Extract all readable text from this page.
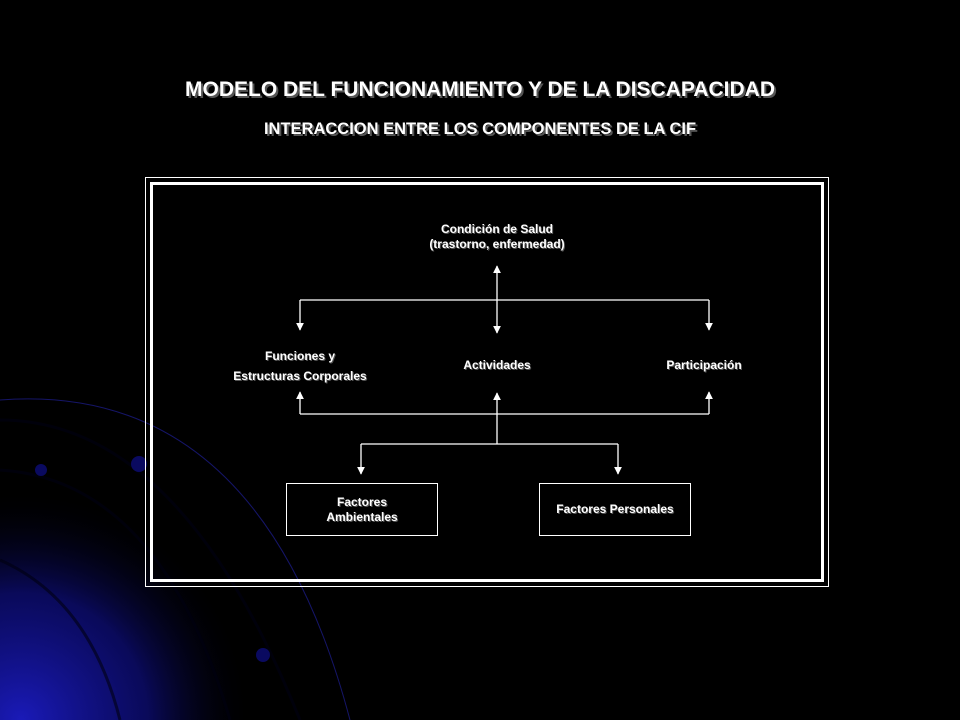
MODELO DEL FUNCIONAMIENTO Y DE LA DISCAPACIDAD
INTERACCION ENTRE LOS COMPONENTES DE LA CIF
Condición de Salud
(trastorno, enfermedad)
Funciones y
Estructuras Corporales
Actividades	Participación
Factores
Ambientales
Factores Personales
